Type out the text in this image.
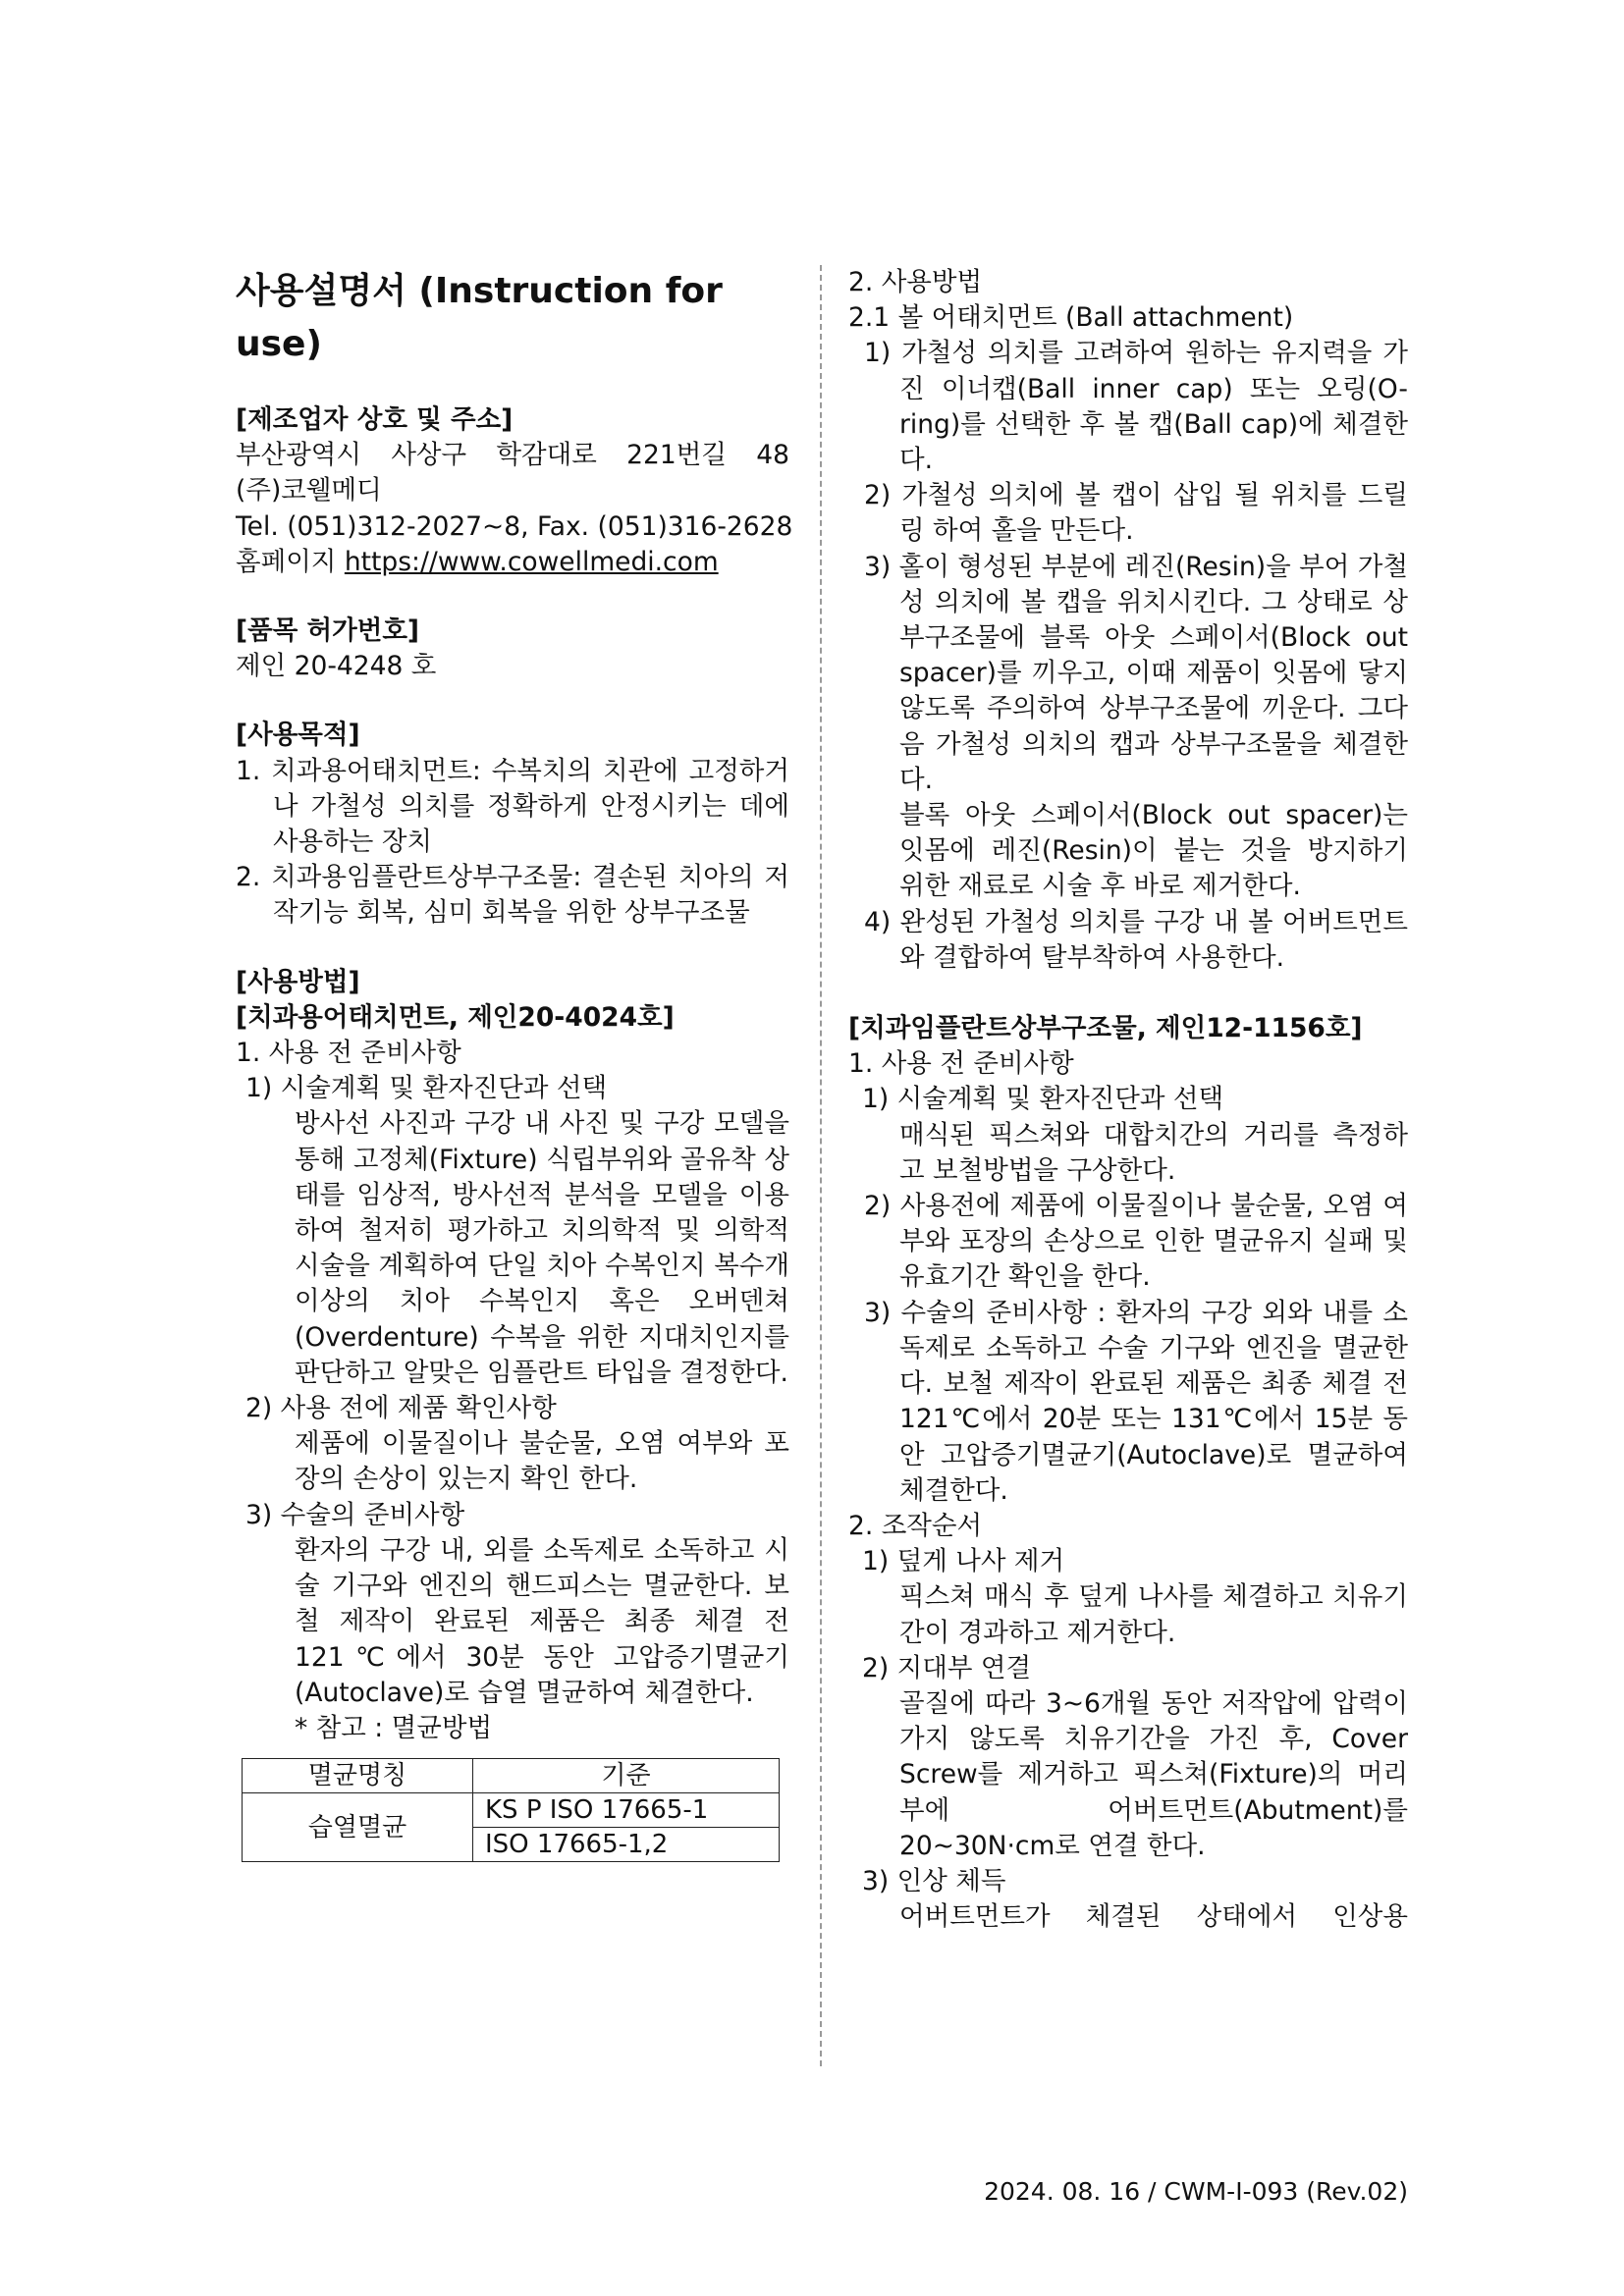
사용설명서 (Instruction for use)
[제조업자 상호 및 주소]
부산광역시 사상구 학감대로 221번길 48
(주)코웰메디
Tel. (051)312-2027~8, Fax. (051)316-2628
홈페이지 https://www.cowellmedi.com
[품목 허가번호]
제인 20-4248 호
[사용목적]
1. 치과용어태치먼트: 수복치의 치관에 고정하거나 가철성 의치를 정확하게 안정시키는 데에 사용하는 장치
2. 치과용임플란트상부구조물: 결손된 치아의 저작기능 회복, 심미 회복을 위한 상부구조물
[사용방법]
[치과용어태치먼트, 제인20-4024호]
1. 사용 전 준비사항
1) 시술계획 및 환자진단과 선택
방사선 사진과 구강 내 사진 및 구강 모델을 통해 고정체(Fixture) 식립부위와 골유착 상태를 임상적, 방사선적 분석을 모델을 이용하여 철저히 평가하고 치의학적 및 의학적 시술을 계획하여 단일 치아 수복인지 복수개 이상의 치아 수복인지 혹은 오버덴쳐(Overdenture) 수복을 위한 지대치인지를 판단하고 알맞은 임플란트 타입을 결정한다.
2) 사용 전에 제품 확인사항
제품에 이물질이나 불순물, 오염 여부와 포장의 손상이 있는지 확인 한다.
3) 수술의 준비사항
환자의 구강 내, 외를 소독제로 소독하고 시술 기구와 엔진의 핸드피스는 멸균한다. 보철 제작이 완료된 제품은 최종 체결 전 121℃에서 30분 동안 고압증기멸균기(Autoclave)로 습열 멸균하여 체결한다.
* 참고 : 멸균방법
멸균명칭	기준
습열멸균	KS P ISO 17665-1
	ISO 17665-1,2
2. 사용방법
2.1 볼 어태치먼트 (Ball attachment)
1) 가철성 의치를 고려하여 원하는 유지력을 가진 이너캡(Ball inner cap) 또는 오링(O-ring)를 선택한 후 볼 캡(Ball cap)에 체결한다.
2) 가철성 의치에 볼 캡이 삽입 될 위치를 드릴링 하여 홀을 만든다.
3) 홀이 형성된 부분에 레진(Resin)을 부어 가철성 의치에 볼 캡을 위치시킨다. 그 상태로 상부구조물에 블록 아웃 스페이서(Block out spacer)를 끼우고, 이때 제품이 잇몸에 닿지 않도록 주의하여 상부구조물에 끼운다. 그다음 가철성 의치의 캡과 상부구조물을 체결한다.
블록 아웃 스페이서(Block out spacer)는 잇몸에 레진(Resin)이 붙는 것을 방지하기 위한 재료로 시술 후 바로 제거한다.
4) 완성된 가철성 의치를 구강 내 볼 어버트먼트와 결합하여 탈부착하여 사용한다.
[치과임플란트상부구조물, 제인12-1156호]
1. 사용 전 준비사항
1) 시술계획 및 환자진단과 선택
매식된 픽스쳐와 대합치간의 거리를 측정하고 보철방법을 구상한다.
2) 사용전에 제품에 이물질이나 불순물, 오염 여부와 포장의 손상으로 인한 멸균유지 실패 및 유효기간 확인을 한다.
3) 수술의 준비사항 : 환자의 구강 외와 내를 소독제로 소독하고 수술 기구와 엔진을 멸균한다. 보철 제작이 완료된 제품은 최종 체결 전 121℃에서 20분 또는 131℃에서 15분 동안 고압증기멸균기(Autoclave)로 멸균하여 체결한다.
2. 조작순서
1) 덮게 나사 제거
픽스쳐 매식 후 덮게 나사를 체결하고 치유기간이 경과하고 제거한다.
2) 지대부 연결
골질에 따라 3~6개월 동안 저작압에 압력이 가지 않도록 치유기간을 가진 후, Cover Screw를 제거하고 픽스쳐(Fixture)의 머리부에 어버트먼트(Abutment)를 20~30N·cm로 연결 한다.
3) 인상 체득
어버트먼트가 체결된 상태에서 인상용
2024. 08. 16 / CWM-I-093 (Rev.02)
